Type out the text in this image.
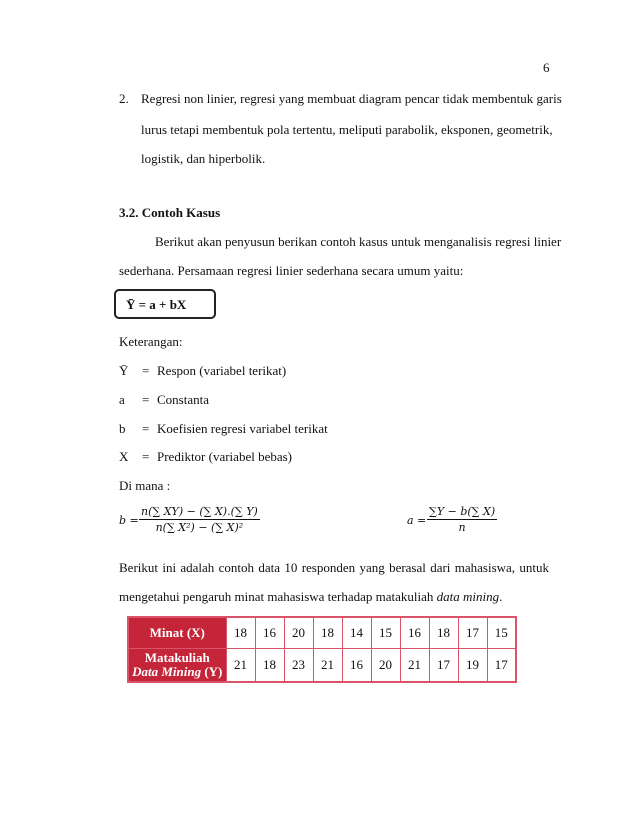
6
2. Regresi non linier, regresi yang membuat diagram pencar tidak membentuk garis
lurus tetapi membentuk pola tertentu, meliputi parabolik, eksponen, geometrik,
logistik, dan hiperbolik.
3.2. Contoh Kasus
Berikut akan penyusun berikan contoh kasus untuk menganalisis regresi linier
sederhana. Persamaan regresi linier sederhana secara umum yaitu:
Ȳ = a + bX
Keterangan:
Ȳ = Respon (variabel terikat)
a = Constanta
b = Koefisien regresi variabel terikat
X = Prediktor (variabel bebas)
Di mana :
$b = \frac{n(\sum XY) - (\sum X).(\sum Y)}{\text{n(∑ X²) − (∑ X)²}}$	$a = \frac{\sum Y - b(\sum X)}{n}$
Berikut ini adalah contoh data 10 responden yang berasal dari mahasiswa, untuk
mengetahui pengaruh minat mahasiswa terhadap matakuliah data mining.
Minat (X)	18	16	20	18	14	15	16	18	17	15

Matakuliah
Data Mining (Y)	21	18	23	21	16	20	21	17	19	17
